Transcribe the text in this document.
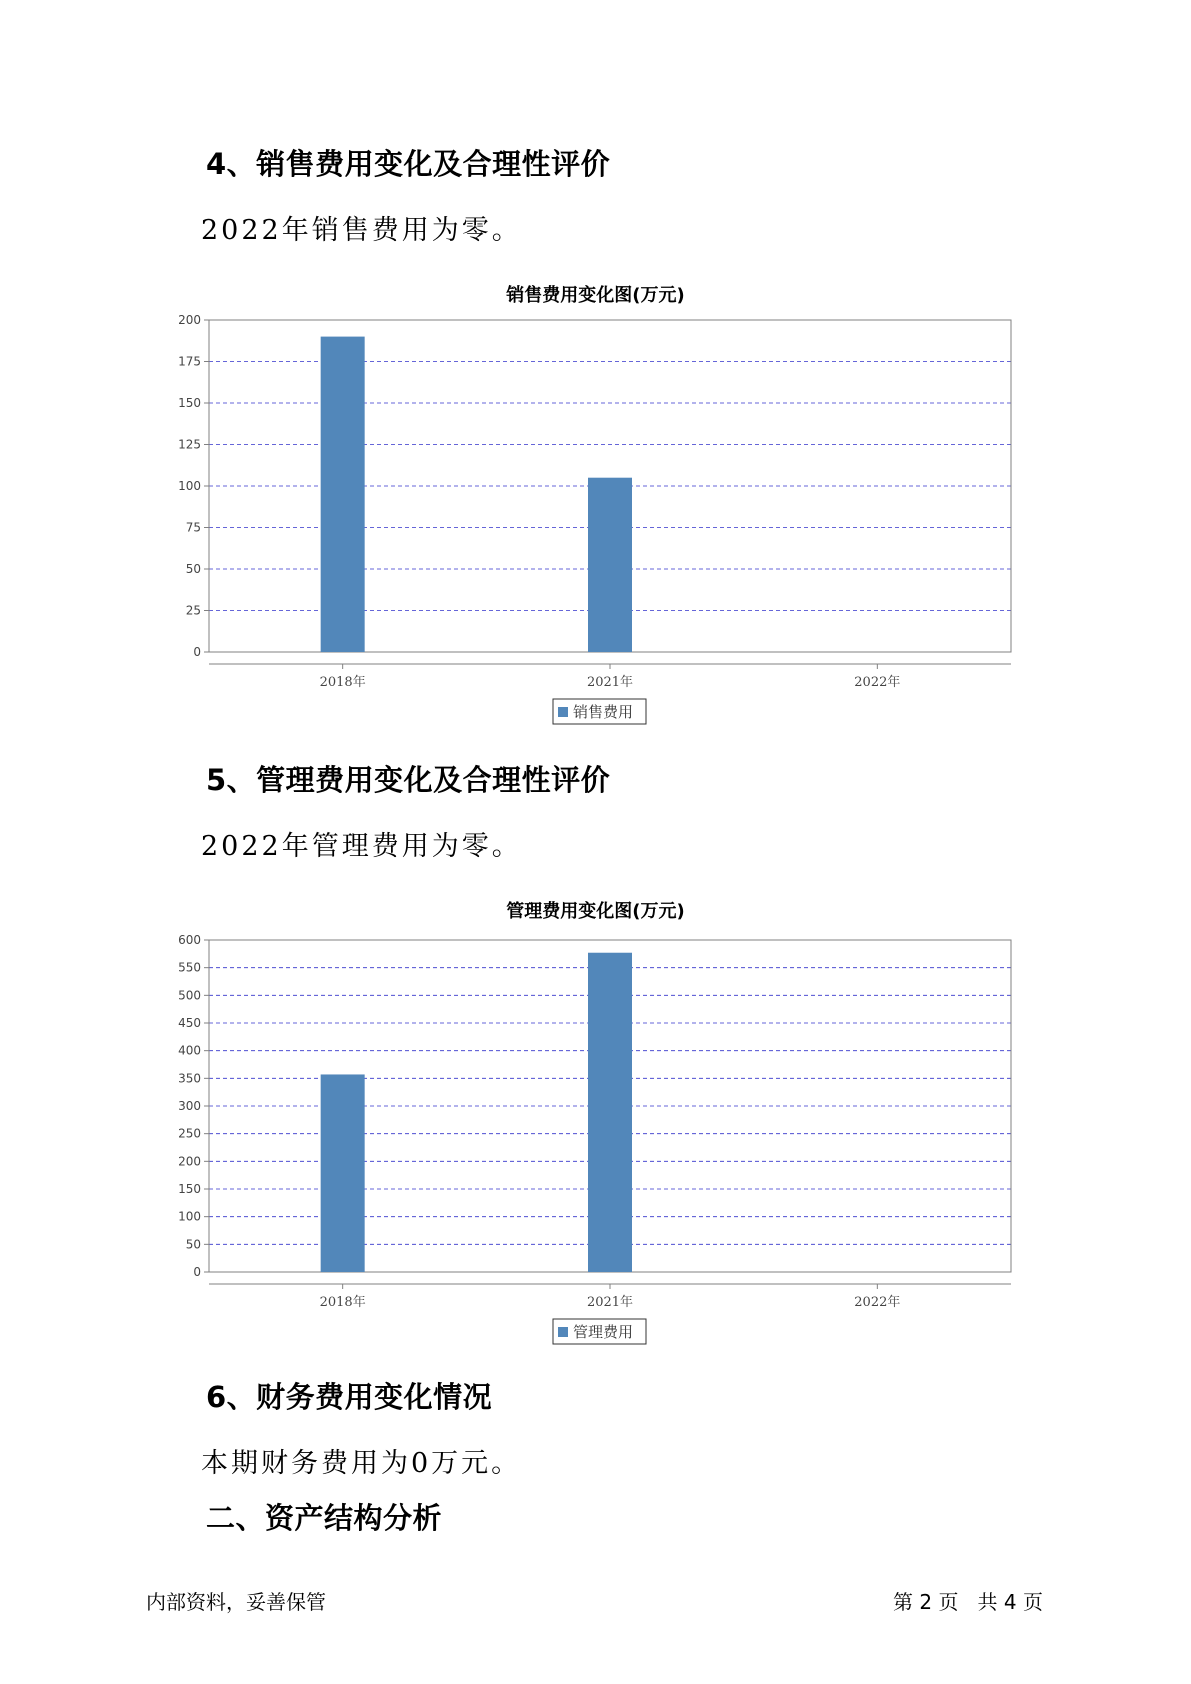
4、销售费用变化及合理性评价

2022年销售费用为零。

销售费用变化图(万元)
0
25
50
75
100
125
150
175
200
2018年	2021年	2022年
销售费用
5、管理费用变化及合理性评价

2022年管理费用为零。

管理费用变化图(万元)
0
50
100
150
200
250
300
350
400
450
500
550
600
2018年	2021年	2022年
管理费用
6、财务费用变化情况

本期财务费用为0万元。

二、资产结构分析
内部资料，妥善保管	第 2 页   共 4 页
